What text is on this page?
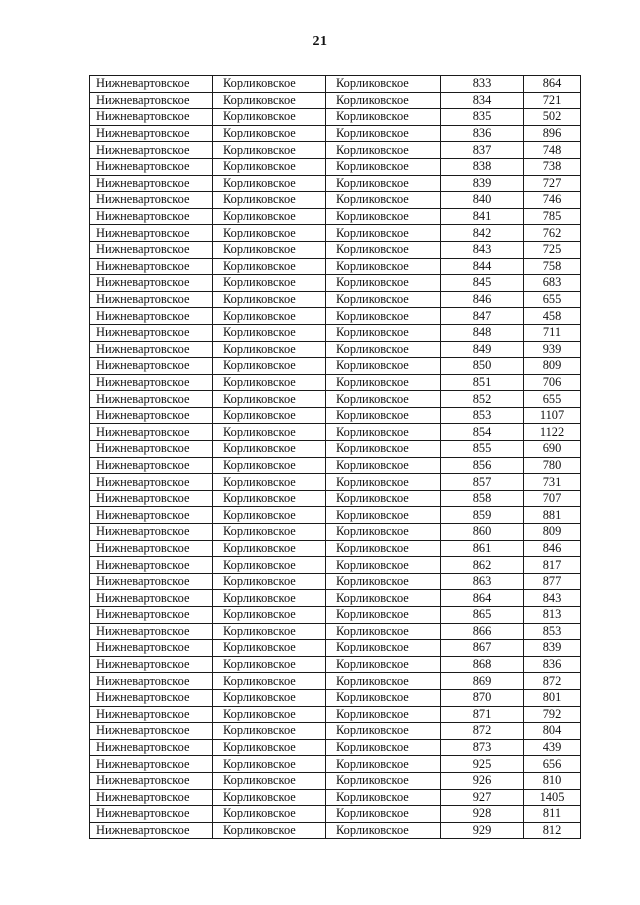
21
Нижневартовское	Корликовское	Корликовское	833	864
Нижневартовское	Корликовское	Корликовское	834	721
Нижневартовское	Корликовское	Корликовское	835	502
Нижневартовское	Корликовское	Корликовское	836	896
Нижневартовское	Корликовское	Корликовское	837	748
Нижневартовское	Корликовское	Корликовское	838	738
Нижневартовское	Корликовское	Корликовское	839	727
Нижневартовское	Корликовское	Корликовское	840	746
Нижневартовское	Корликовское	Корликовское	841	785
Нижневартовское	Корликовское	Корликовское	842	762
Нижневартовское	Корликовское	Корликовское	843	725
Нижневартовское	Корликовское	Корликовское	844	758
Нижневартовское	Корликовское	Корликовское	845	683
Нижневартовское	Корликовское	Корликовское	846	655
Нижневартовское	Корликовское	Корликовское	847	458
Нижневартовское	Корликовское	Корликовское	848	711
Нижневартовское	Корликовское	Корликовское	849	939
Нижневартовское	Корликовское	Корликовское	850	809
Нижневартовское	Корликовское	Корликовское	851	706
Нижневартовское	Корликовское	Корликовское	852	655
Нижневартовское	Корликовское	Корликовское	853	1107
Нижневартовское	Корликовское	Корликовское	854	1122
Нижневартовское	Корликовское	Корликовское	855	690
Нижневартовское	Корликовское	Корликовское	856	780
Нижневартовское	Корликовское	Корликовское	857	731
Нижневартовское	Корликовское	Корликовское	858	707
Нижневартовское	Корликовское	Корликовское	859	881
Нижневартовское	Корликовское	Корликовское	860	809
Нижневартовское	Корликовское	Корликовское	861	846
Нижневартовское	Корликовское	Корликовское	862	817
Нижневартовское	Корликовское	Корликовское	863	877
Нижневартовское	Корликовское	Корликовское	864	843
Нижневартовское	Корликовское	Корликовское	865	813
Нижневартовское	Корликовское	Корликовское	866	853
Нижневартовское	Корликовское	Корликовское	867	839
Нижневартовское	Корликовское	Корликовское	868	836
Нижневартовское	Корликовское	Корликовское	869	872
Нижневартовское	Корликовское	Корликовское	870	801
Нижневартовское	Корликовское	Корликовское	871	792
Нижневартовское	Корликовское	Корликовское	872	804
Нижневартовское	Корликовское	Корликовское	873	439
Нижневартовское	Корликовское	Корликовское	925	656
Нижневартовское	Корликовское	Корликовское	926	810
Нижневартовское	Корликовское	Корликовское	927	1405
Нижневартовское	Корликовское	Корликовское	928	811
Нижневартовское	Корликовское	Корликовское	929	812
